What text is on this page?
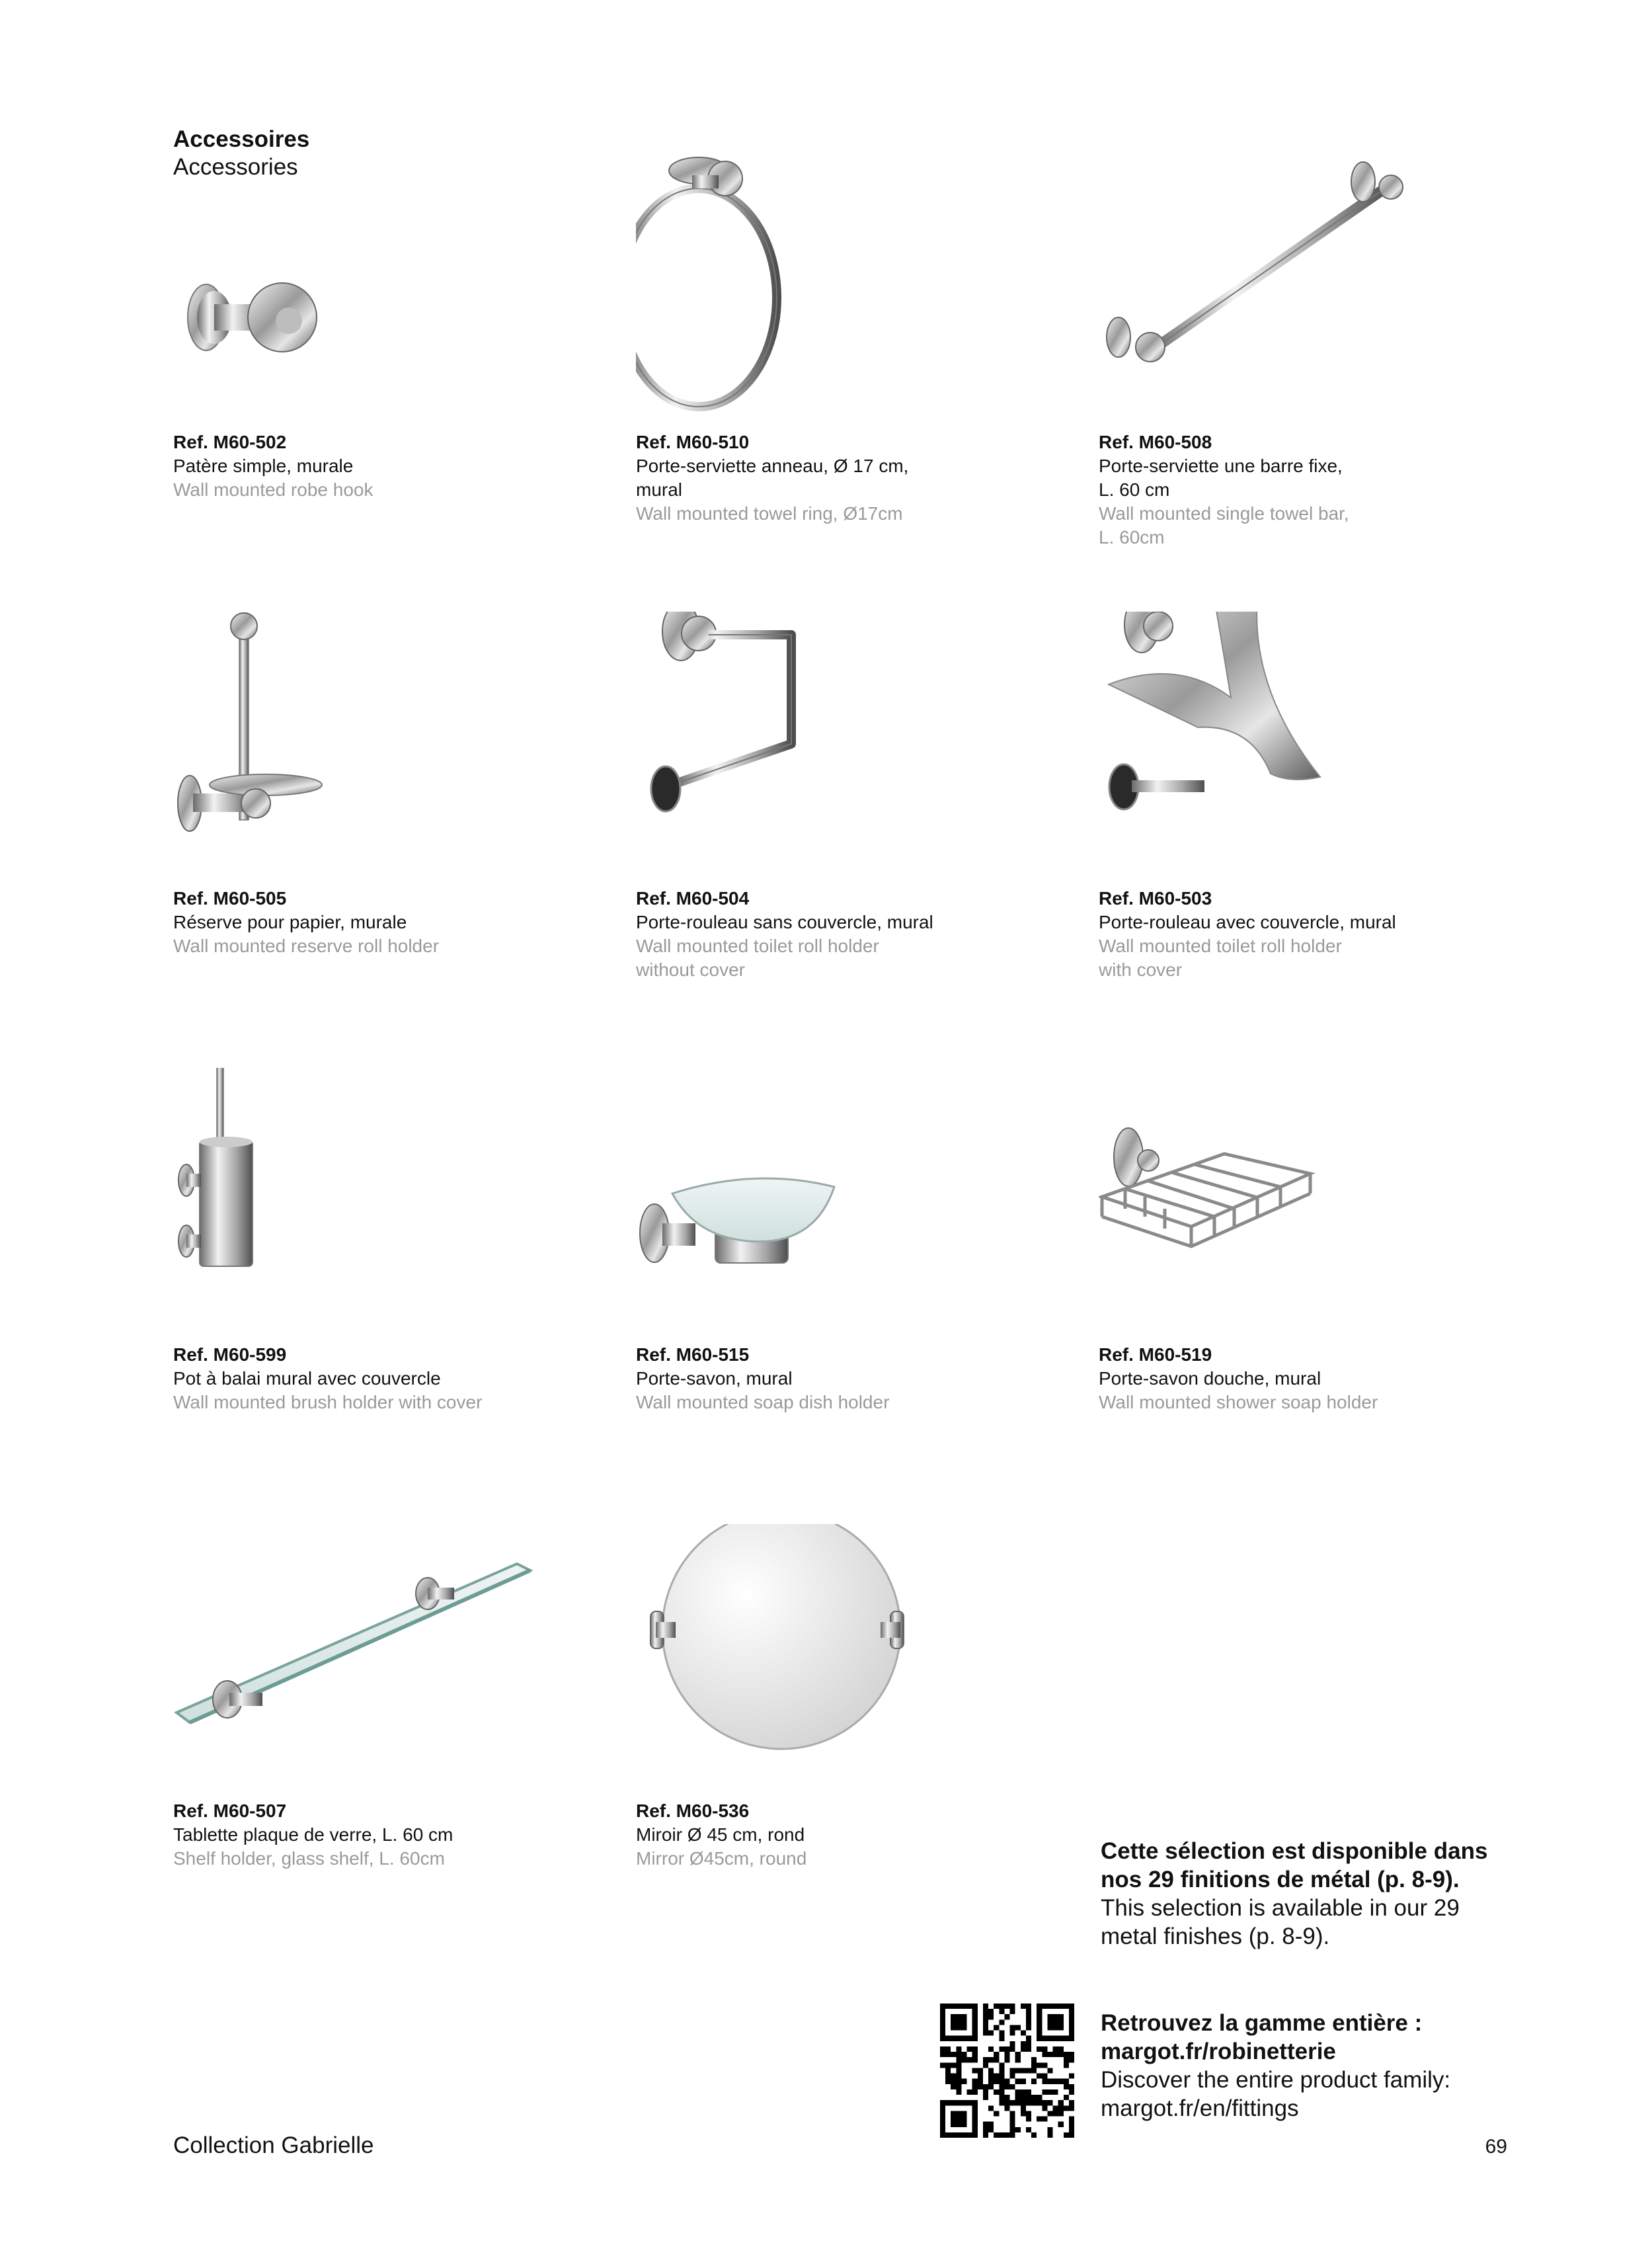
Accessoires
Accessories
Ref. M60-502
Patère simple, murale
Wall mounted robe hook
Ref. M60-510
Porte-serviette anneau, Ø 17 cm,
mural
Wall mounted towel ring, Ø17cm
Ref. M60-508
Porte-serviette une barre fixe,
L. 60 cm
Wall mounted single towel bar,
L. 60cm
Ref. M60-505
Réserve pour papier, murale
Wall mounted reserve roll holder
Ref. M60-504
Porte-rouleau sans couvercle, mural
Wall mounted toilet roll holder
without cover
Ref. M60-503
Porte-rouleau avec couvercle, mural
Wall mounted toilet roll holder
with cover
Ref. M60-599
Pot à balai mural avec couvercle
Wall mounted brush holder with cover
Ref. M60-515
Porte-savon, mural
Wall mounted soap dish holder
Ref. M60-519
Porte-savon douche, mural
Wall mounted shower soap holder
Ref. M60-507
Tablette plaque de verre, L. 60 cm
Shelf holder, glass shelf, L. 60cm
Ref. M60-536
Miroir Ø 45 cm, rond
Mirror Ø45cm, round	Cette sélection est disponible dans
nos 29 finitions de métal (p. 8-9).
This selection is available in our 29
metal finishes (p. 8-9).
Retrouvez la gamme entière :
margot.fr/robinetterie
Discover the entire product family:
margot.fr/en/fittings
Collection Gabrielle	69
